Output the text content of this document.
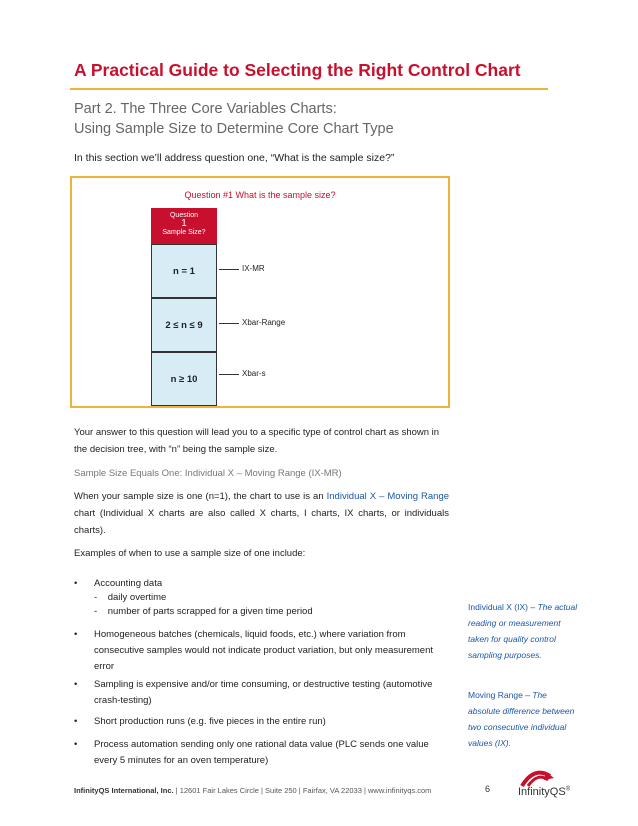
A Practical Guide to Selecting the Right Control Chart
Part 2. The Three Core Variables Charts:
Using Sample Size to Determine Core Chart Type
In this section we’ll address question one, “What is the sample size?”
Question #1 What is the sample size?
Question
1
Sample Size?
n = 1	IX-MR
2 ≤ n ≤ 9	Xbar-Range
n ≥ 10	Xbar-s
Your answer to this question will lead you to a specific type of control chart as shown in the decision tree, with “n” being the sample size.
Sample Size Equals One: Individual X – Moving Range (IX-MR)
When your sample size is one (n=1), the chart to use is an Individual X – Moving Range chart (Individual X charts are also called X charts, I charts, IX charts, or individuals charts).
Examples of when to use a sample size of one include:
• Accounting data
- daily overtime
- number of parts scrapped for a given time period
• Homogeneous batches (chemicals, liquid foods, etc.) where variation from consecutive samples would not indicate product variation, but only measurement error
• Sampling is expensive and/or time consuming, or destructive testing (automotive crash-testing)
• Short production runs (e.g. five pieces in the entire run)
• Process automation sending only one rational data value (PLC sends one value every 5 minutes for an oven temperature)
Individual X (IX) – The actual reading or measurement taken for quality control sampling purposes.
Moving Range – The absolute difference between two consecutive individual values (IX).
InfinityQS International, Inc. | 12601 Fair Lakes Circle | Suite 250 | Fairfax, VA 22033 | www.infinityqs.com	6	InfinityQS®
